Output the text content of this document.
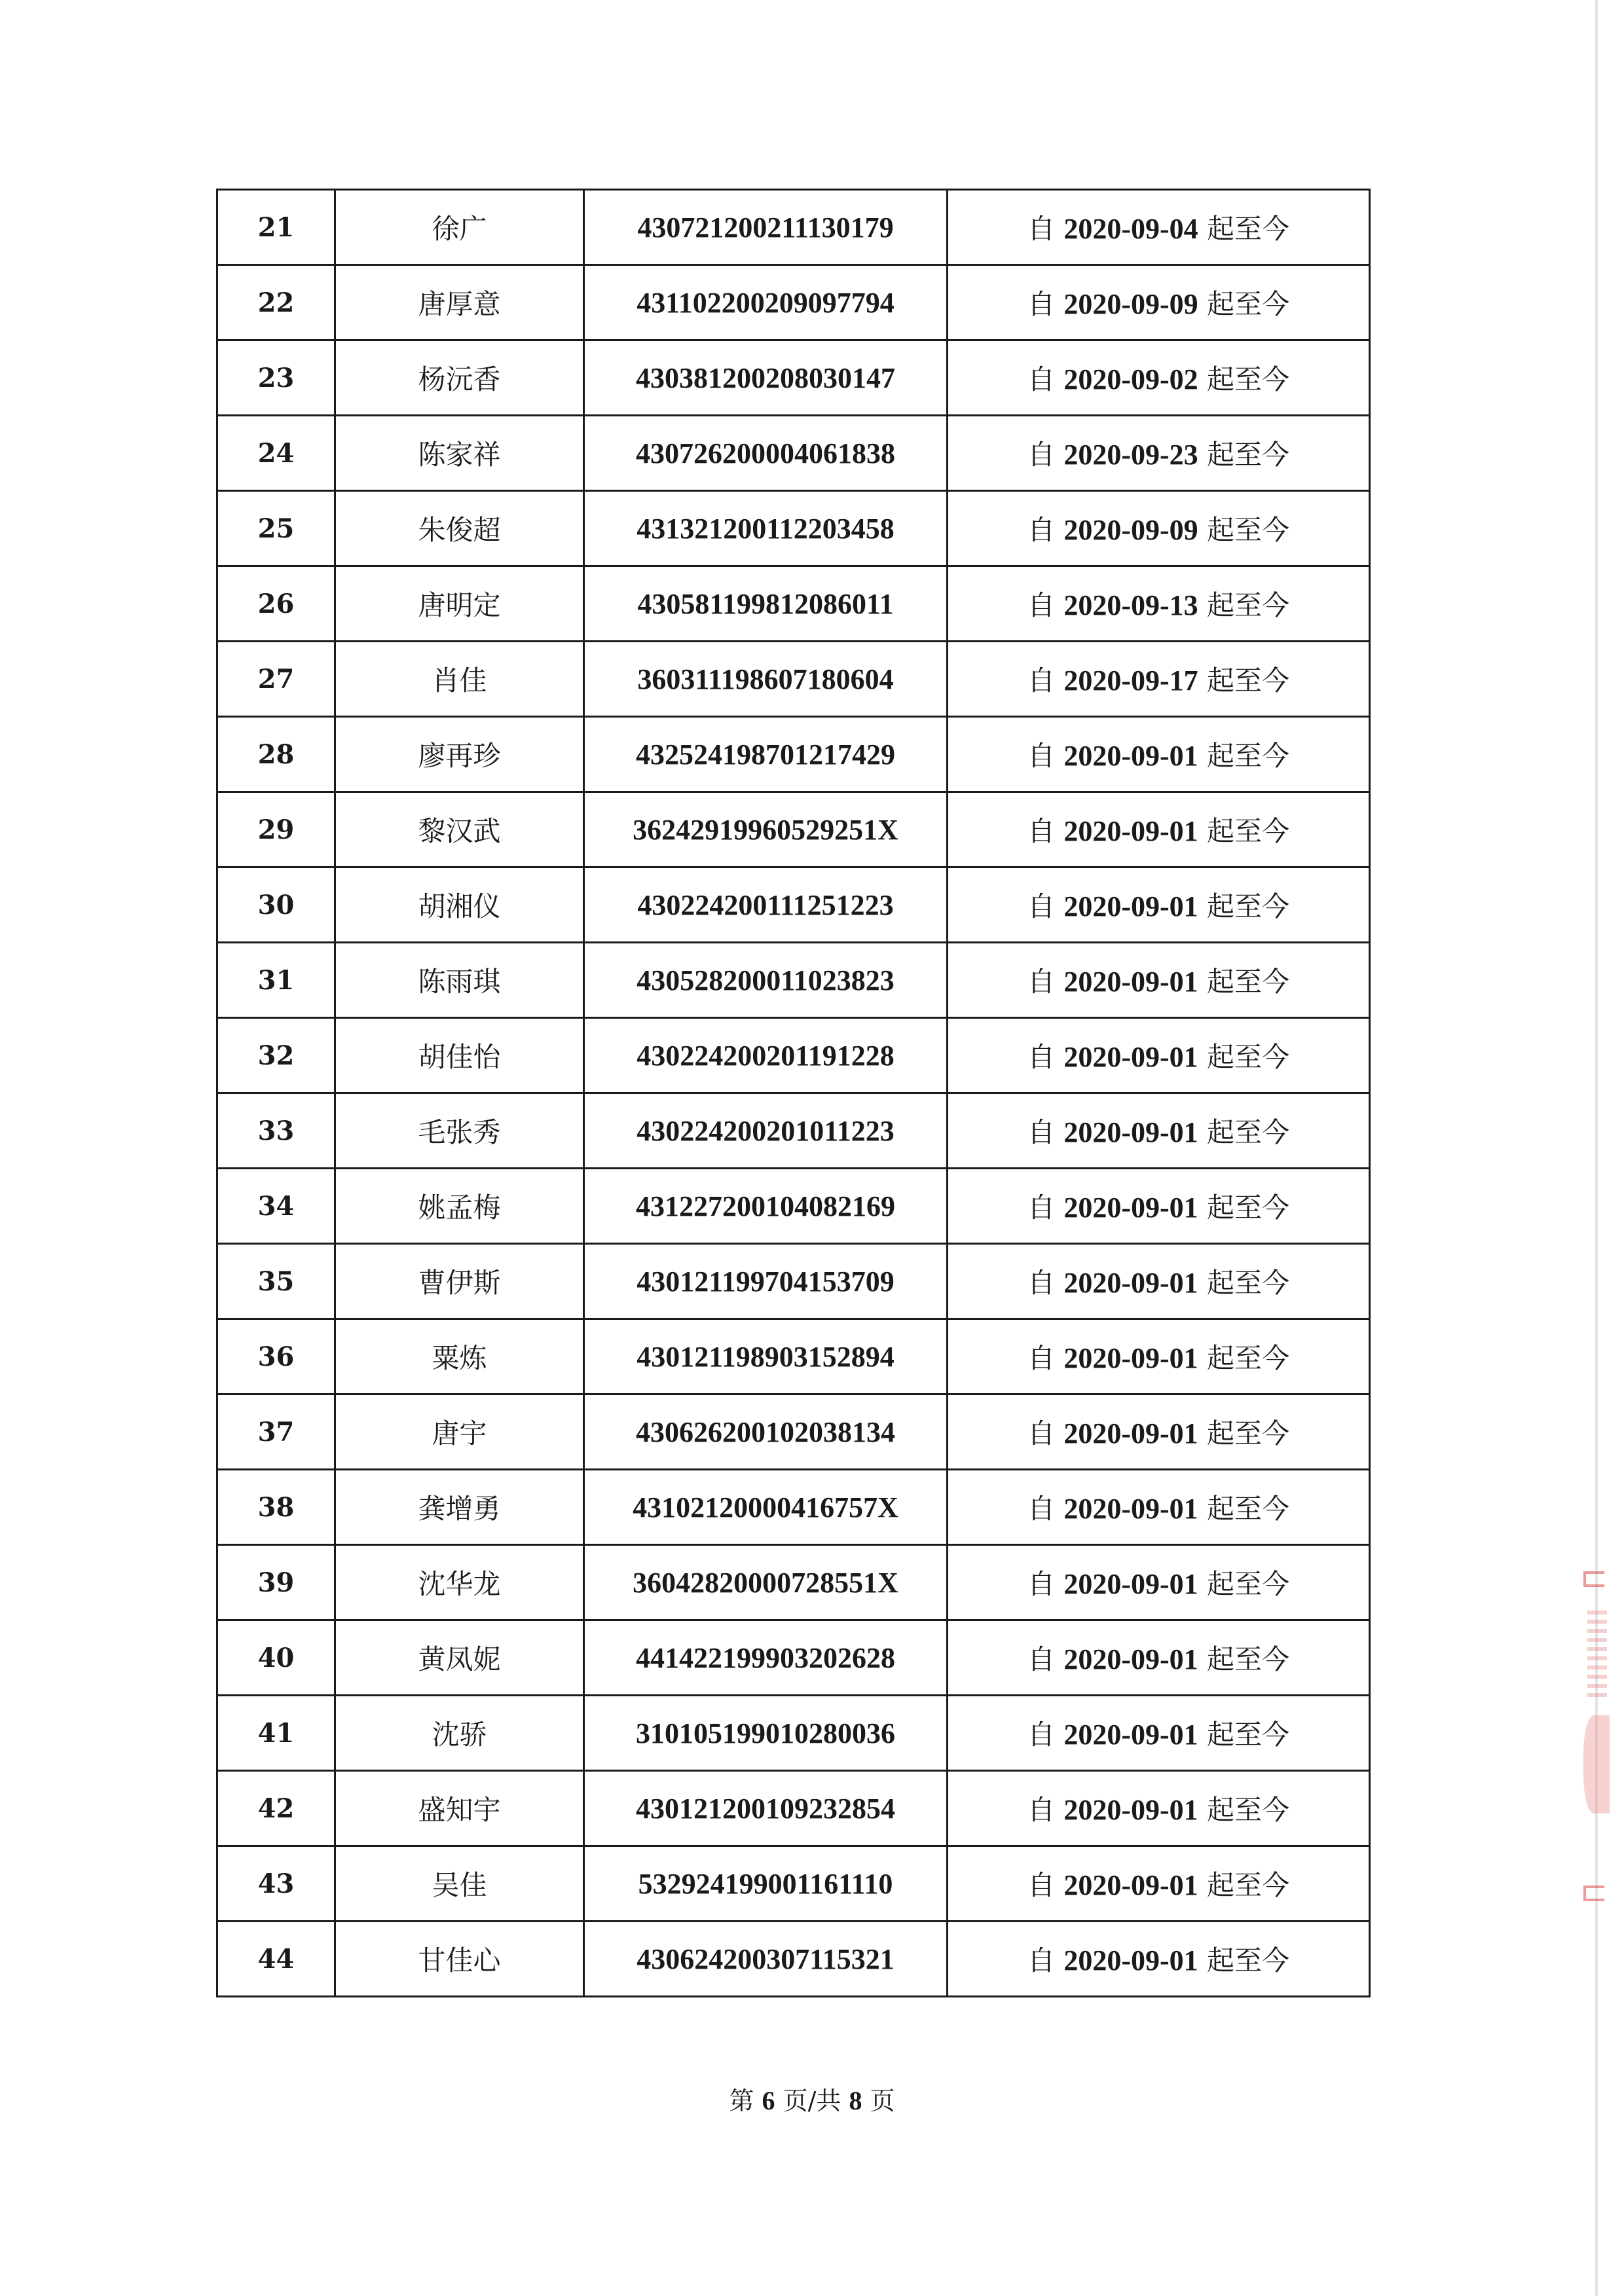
21	徐广	430721200211130179	自 2020-09-04 起至今
22	唐厚意	431102200209097794	自 2020-09-09 起至今
23	杨沅香	430381200208030147	自 2020-09-02 起至今
24	陈家祥	430726200004061838	自 2020-09-23 起至今
25	朱俊超	431321200112203458	自 2020-09-09 起至今
26	唐明定	430581199812086011	自 2020-09-13 起至今
27	肖佳	360311198607180604	自 2020-09-17 起至今
28	廖再珍	432524198701217429	自 2020-09-01 起至今
29	黎汉武	36242919960529251X	自 2020-09-01 起至今
30	胡湘仪	430224200111251223	自 2020-09-01 起至今
31	陈雨琪	430528200011023823	自 2020-09-01 起至今
32	胡佳怡	430224200201191228	自 2020-09-01 起至今
33	毛张秀	430224200201011223	自 2020-09-01 起至今
34	姚孟梅	431227200104082169	自 2020-09-01 起至今
35	曹伊斯	430121199704153709	自 2020-09-01 起至今
36	粟炼	430121198903152894	自 2020-09-01 起至今
37	唐宇	430626200102038134	自 2020-09-01 起至今
38	龚增勇	43102120000416757X	自 2020-09-01 起至今
39	沈华龙	36042820000728551X	自 2020-09-01 起至今
40	黄凤妮	441422199903202628	自 2020-09-01 起至今
41	沈骄	310105199010280036	自 2020-09-01 起至今
42	盛知宇	430121200109232854	自 2020-09-01 起至今
43	吴佳	532924199001161110	自 2020-09-01 起至今
44	甘佳心	430624200307115321	自 2020-09-01 起至今
第 6 页/共 8 页
